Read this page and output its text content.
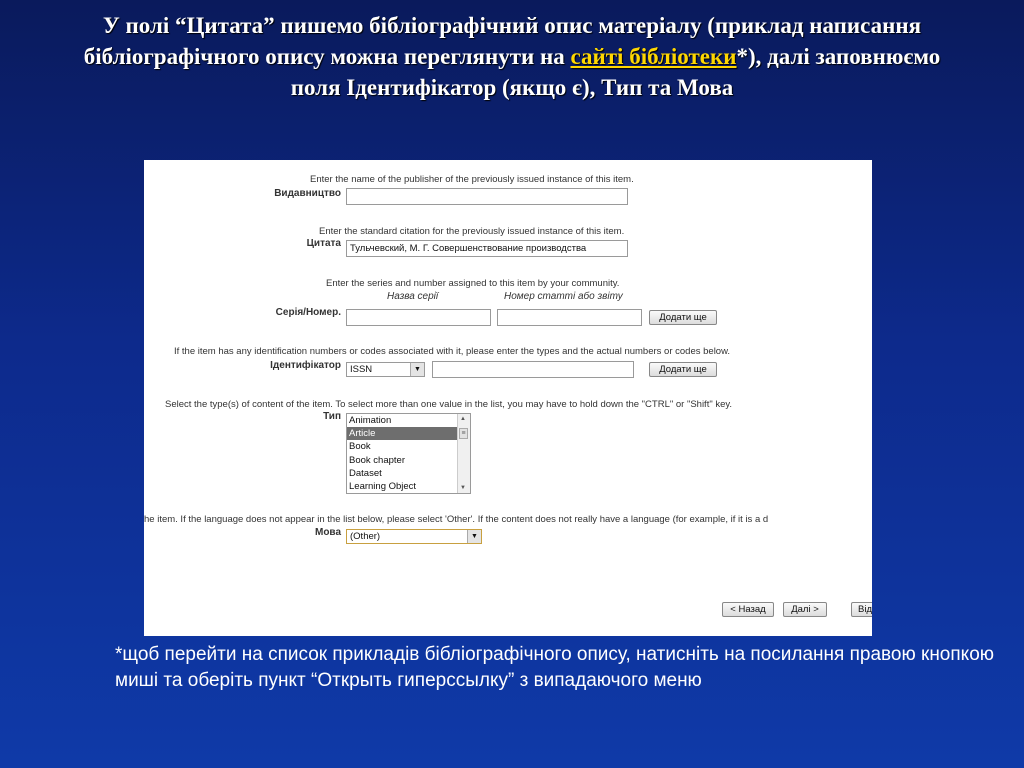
У полі “Цитата” пишемо бібліографічний опис матеріалу (приклад написання бібліографічного опису можна переглянути на сайті бібліотеки*), далі заповнюємо поля Ідентифікатор (якщо є), Тип та Мова
Enter the name of the publisher of the previously issued instance of this item.
Видавництво
Enter the standard citation for the previously issued instance of this item.
Цитата Тульчевский, М. Г. Совершенствование производства
Enter the series and number assigned to this item by your community.
Назва серії	Номер статті або звіту
Серія/Номер.	Додати ще
If the item has any identification numbers or codes associated with it, please enter the types and the actual numbers or codes below.
Ідентифікатор ISSN	▼	Додати ще
Select the type(s) of content of the item. To select more than one value in the list, you may have to hold down the "CTRL" or "Shift" key.
Тип Animation
Article
Book
Book chapter
Dataset
Learning Object
▲
≡
▼
he item. If the language does not appear in the list below, please select 'Other'. If the content does not really have a language (for example, if it is a d
Мова (Other)	▼
< Назад	Далі >	Від
*щоб перейти на список прикладів бібліографічного опису, натисніть на посилання правою кнопкою миші та оберіть пункт “Открыть гиперссылку” з випадаючого меню
